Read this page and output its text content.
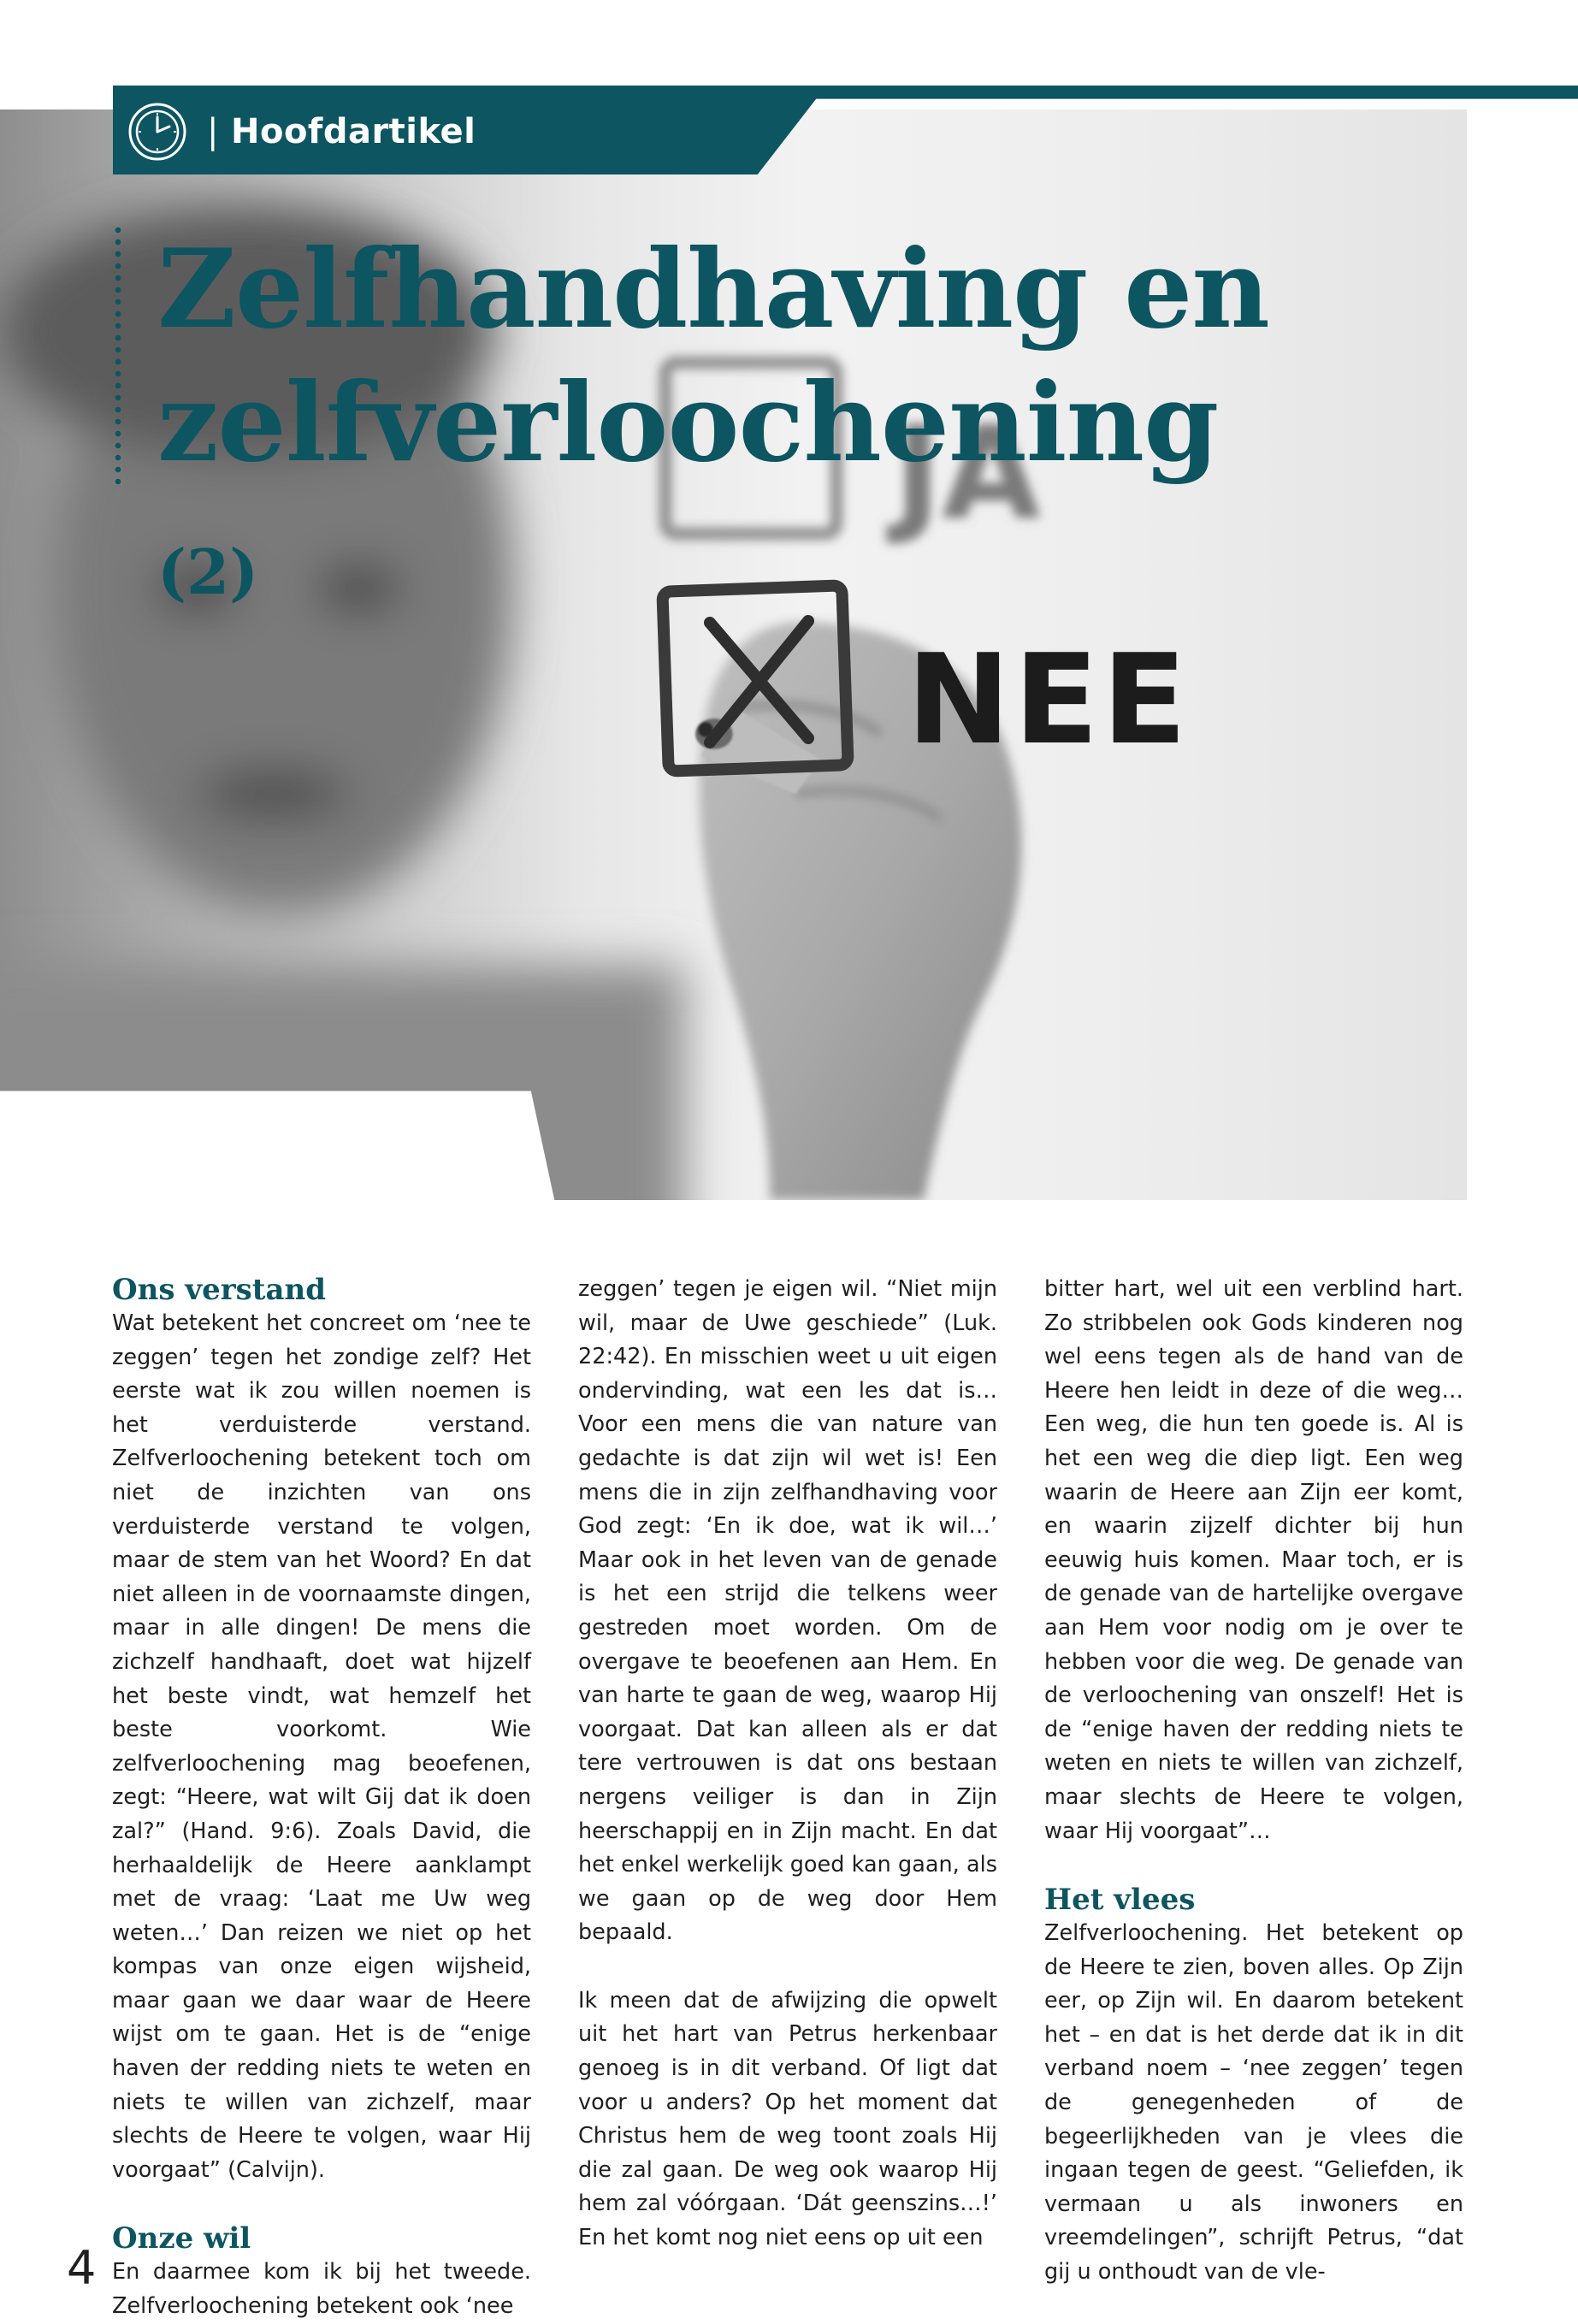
JA
NEE
| Hoofdartikel
Zelfhandhaving en
zelfverloochening (2)
Ons verstand

Wat betekent het concreet om ‘nee te zeggen’ tegen het zondige zelf? Het eerste wat ik zou willen noemen is het verduisterde verstand. Zelfverloochening betekent toch om niet de inzichten van ons verduisterde verstand te volgen, maar de stem van het Woord? En dat niet alleen in de voornaamste dingen, maar in alle dingen! De mens die zichzelf handhaaft, doet wat hijzelf het beste vindt, wat hemzelf het beste voorkomt. Wie zelfverloochening mag beoefenen, zegt: “Heere, wat wilt Gij dat ik doen zal?” (Hand. 9:6). Zoals David, die herhaaldelijk de Heere aanklampt met de vraag: ‘Laat me Uw weg weten…’ Dan reizen we niet op het kompas van onze eigen wijsheid, maar gaan we daar waar de Heere wijst om te gaan. Het is de “enige haven der redding niets te weten en niets te willen van zichzelf, maar slechts de Heere te volgen, waar Hij voorgaat” (Calvijn).

Onze wil

En daarmee kom ik bij het tweede. Zelfverloochening betekent ook ‘nee

zeggen’ tegen je eigen wil. “Niet mijn wil, maar de Uwe geschiede” (Luk. 22:42). En misschien weet u uit eigen ondervinding, wat een les dat is… Voor een mens die van nature van gedachte is dat zijn wil wet is! Een mens die in zijn zelfhandhaving voor God zegt: ‘En ik doe, wat ik wil…’ Maar ook in het leven van de genade is het een strijd die telkens weer gestreden moet worden. Om de overgave te beoefenen aan Hem. En van harte te gaan de weg, waarop Hij voorgaat. Dat kan alleen als er dat tere vertrouwen is dat ons bestaan nergens veiliger is dan in Zijn heerschappij en in Zijn macht. En dat het enkel werkelijk goed kan gaan, als we gaan op de weg door Hem bepaald.

Ik meen dat de afwijzing die opwelt uit het hart van Petrus herkenbaar genoeg is in dit verband. Of ligt dat voor u anders? Op het moment dat Christus hem de weg toont zoals Hij die zal gaan. De weg ook waarop Hij hem zal vóórgaan. ‘Dát geenszins…!’ En het komt nog niet eens op uit een

bitter hart, wel uit een verblind hart. Zo stribbelen ook Gods kinderen nog wel eens tegen als de hand van de Heere hen leidt in deze of die weg… Een weg, die hun ten goede is. Al is het een weg die diep ligt. Een weg waarin de Heere aan Zijn eer komt, en waarin zijzelf dichter bij hun eeuwig huis komen. Maar toch, er is de genade van de hartelijke overgave aan Hem voor nodig om je over te hebben voor die weg. De genade van de verloochening van onszelf! Het is de “enige haven der redding niets te weten en niets te willen van zichzelf, maar slechts de Heere te volgen, waar Hij voorgaat”…

Het vlees

Zelfverloochening. Het betekent op de Heere te zien, boven alles. Op Zijn eer, op Zijn wil. En daarom betekent het – en dat is het derde dat ik in dit verband noem – ‘nee zeggen’ tegen de genegenheden of de begeerlijkheden van je vlees die ingaan tegen de geest. “Geliefden, ik vermaan u als inwoners en vreemdelingen”, schrijft Petrus, “dat gij u onthoudt van de vle-

4
